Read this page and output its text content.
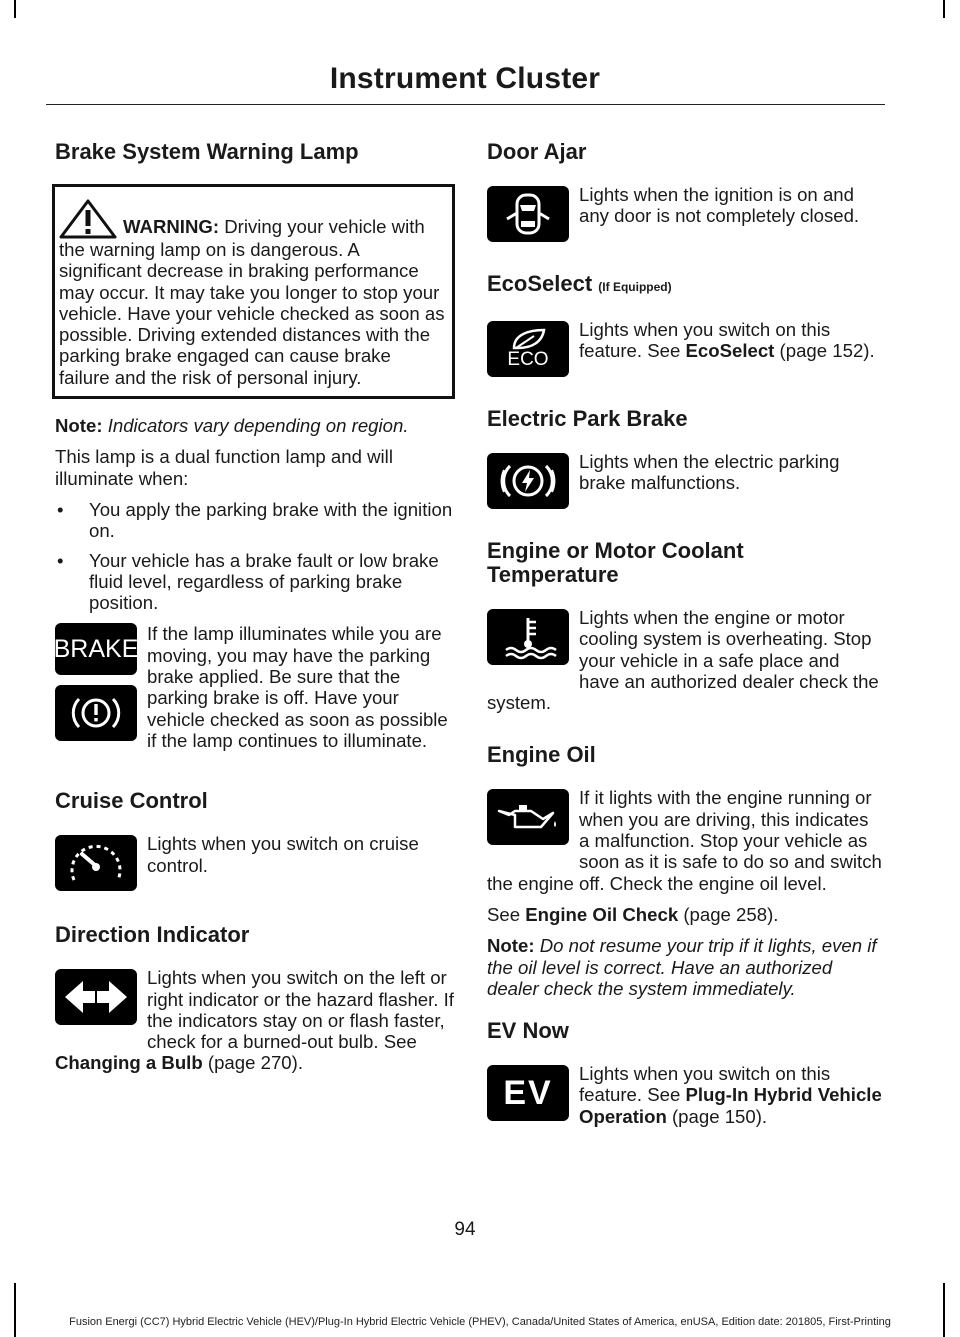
Instrument Cluster
Brake System Warning Lamp
WARNING: Driving your vehicle with the warning lamp on is dangerous. A significant decrease in braking performance may occur. It may take you longer to stop your vehicle. Have your vehicle checked as soon as possible. Driving extended distances with the parking brake engaged can cause brake failure and the risk of personal injury.

Note: Indicators vary depending on region.

This lamp is a dual function lamp and will illuminate when:

• You apply the parking brake with the ignition on.
• Your vehicle has a brake fault or low brake fluid level, regardless of parking brake position.
BRAKE

If the lamp illuminates while you are moving, you may have the parking brake applied. Be sure that the parking brake is off. Have your vehicle checked as soon as possible if the lamp continues to illuminate.

Cruise Control

Lights when you switch on cruise control.

Direction Indicator

Lights when you switch on the left or right indicator or the hazard flasher. If the indicators stay on or flash faster, check for a burned-out bulb. See Changing a Bulb (page 270).

Door Ajar

Lights when the ignition is on and any door is not completely closed.

EcoSelect (If Equipped)
ECO

Lights when you switch on this feature. See EcoSelect (page 152).

Electric Park Brake

Lights when the electric parking brake malfunctions.

Engine or Motor Coolant Temperature

Lights when the engine or motor cooling system is overheating. Stop your vehicle in a safe place and have an authorized dealer check the system.

Engine Oil

If it lights with the engine running or when you are driving, this indicates a malfunction. Stop your vehicle as soon as it is safe to do so and switch the engine off. Check the engine oil level.

See Engine Oil Check (page 258).

Note: Do not resume your trip if it lights, even if the oil level is correct. Have an authorized dealer check the system immediately.

EV Now
EV	Lights when you switch on this feature. See Plug-In Hybrid Vehicle Operation (page 150).

94
Fusion Energi (CC7) Hybrid Electric Vehicle (HEV)/Plug-In Hybrid Electric Vehicle (PHEV), Canada/United States of America, enUSA, Edition date: 201805, First-Printing
